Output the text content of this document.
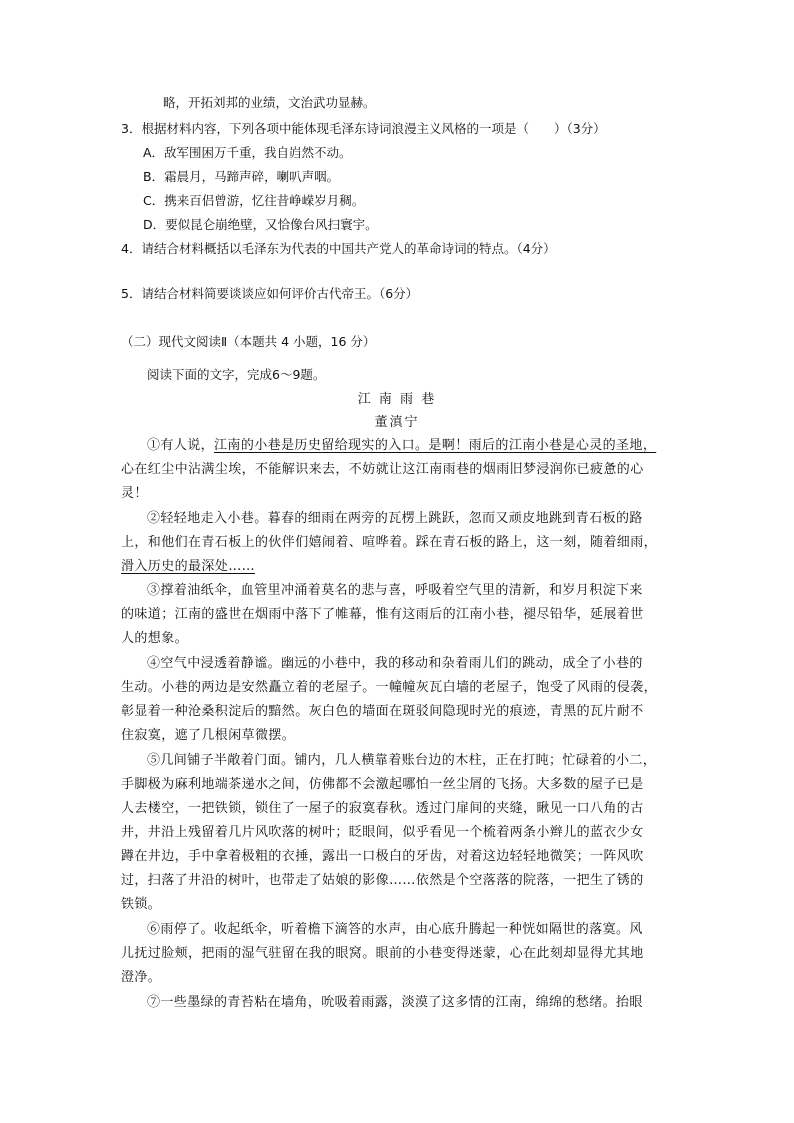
略，开拓刘邦的业绩，文治武功显赫。
3．根据材料内容，下列各项中能体现毛泽东诗词浪漫主义风格的一项是（　　）（3分）
A．敌军围困万千重，我自岿然不动。
B．霜晨月，马蹄声碎，喇叭声咽。
C．携来百侣曾游，忆往昔峥嵘岁月稠。
D．要似昆仑崩绝壁，又恰像台风扫寰宇。
4．请结合材料概括以毛泽东为代表的中国共产党人的革命诗词的特点。（4分）
5．请结合材料简要谈谈应如何评价古代帝王。（6分）
（二）现代文阅读Ⅱ（本题共 4 小题，16 分）
阅读下面的文字，完成6～9题。
江 南 雨 巷
董滇宁
①有人说，江南的小巷是历史留给现实的入口。是啊！雨后的江南小巷是心灵的圣地，
心在红尘中沾满尘埃，不能解识来去，不妨就让这江南雨巷的烟雨旧梦浸润你已疲惫的心
灵！
②轻轻地走入小巷。暮春的细雨在两旁的瓦楞上跳跃，忽而又顽皮地跳到青石板的路
上，和他们在青石板上的伙伴们嬉闹着、喧哗着。踩在青石板的路上，这一刻，随着细雨，
滑入历史的最深处……
③撑着油纸伞，血管里冲涌着莫名的悲与喜，呼吸着空气里的清新，和岁月积淀下来
的味道；江南的盛世在烟雨中落下了帷幕，惟有这雨后的江南小巷，褪尽铅华，延展着世
人的想象。
④空气中浸透着静谧。幽远的小巷中，我的移动和杂着雨儿们的跳动，成全了小巷的
生动。小巷的两边是安然矗立着的老屋子。一幢幢灰瓦白墙的老屋子，饱受了风雨的侵袭，
彰显着一种沧桑积淀后的黯然。灰白色的墙面在斑驳间隐现时光的痕迹，青黑的瓦片耐不
住寂寞，遮了几根闲草微摆。
⑤几间铺子半敞着门面。铺内，几人横靠着账台边的木柱，正在打盹；忙碌着的小二，
手脚极为麻利地端茶递水之间，仿佛都不会激起哪怕一丝尘屑的飞扬。大多数的屋子已是
人去楼空，一把铁锁，锁住了一屋子的寂寞春秋。透过门扉间的夹缝，瞅见一口八角的古
井，井沿上残留着几片风吹落的树叶；眨眼间，似乎看见一个梳着两条小辫儿的蓝衣少女
蹲在井边，手中拿着极粗的衣捶，露出一口极白的牙齿，对着这边轻轻地微笑；一阵风吹
过，扫落了井沿的树叶，也带走了姑娘的影像……依然是个空落落的院落，一把生了锈的
铁锁。
⑥雨停了。收起纸伞，听着檐下滴答的水声，由心底升腾起一种恍如隔世的落寞。风
儿抚过脸颊，把雨的湿气驻留在我的眼窝。眼前的小巷变得迷蒙，心在此刻却显得尤其地
澄净。
⑦一些墨绿的青苔粘在墙角，吮吸着雨露，淡漠了这多情的江南，绵绵的愁绪。抬眼
